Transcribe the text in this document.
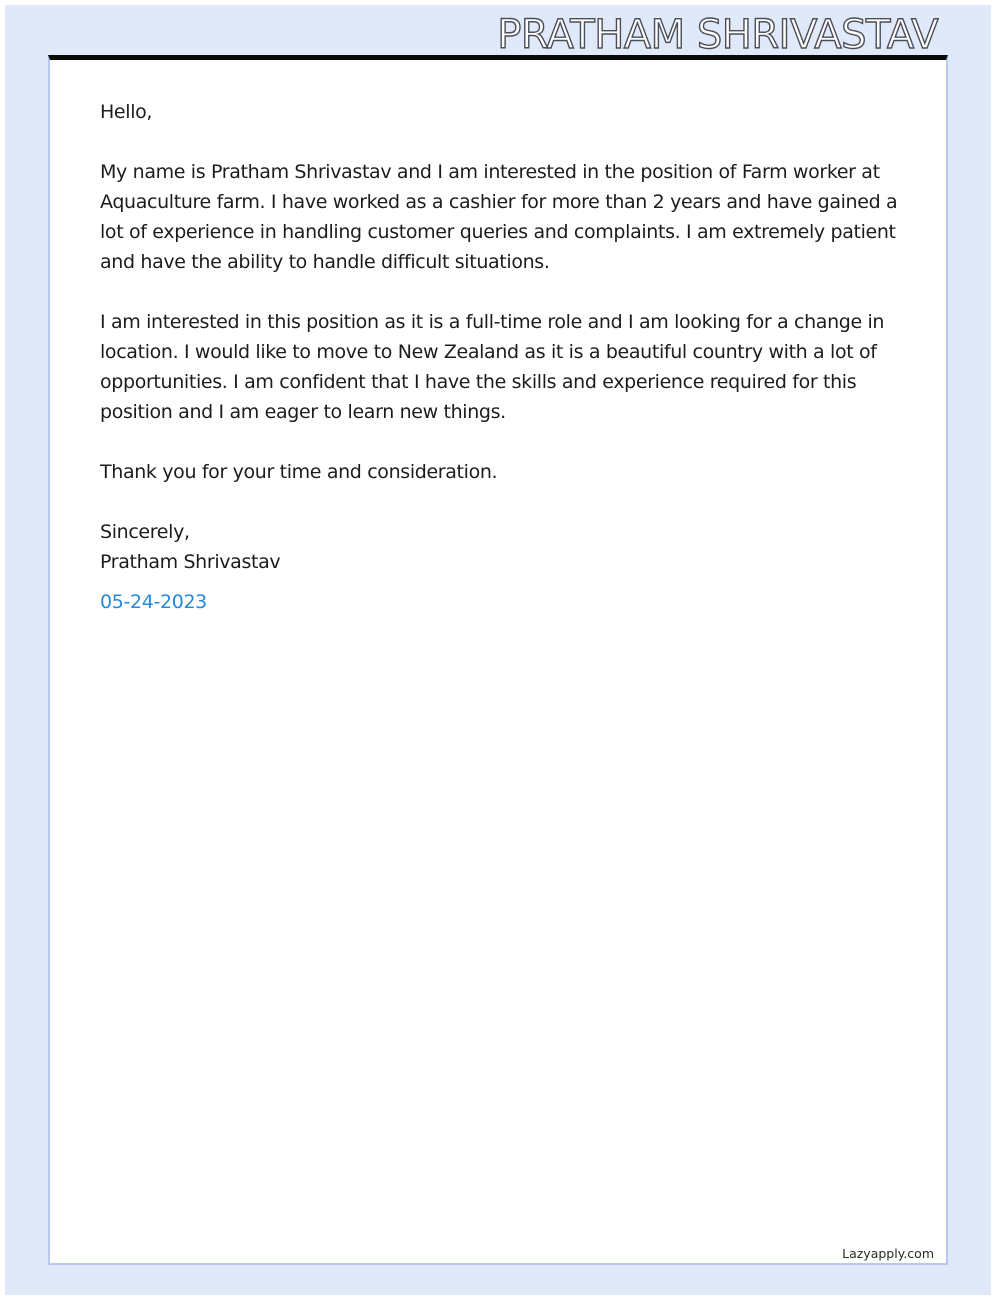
PRATHAM SHRIVASTAV

Hello,

My name is Pratham Shrivastav and I am interested in the position of Farm worker at Aquaculture farm. I have worked as a cashier for more than 2 years and have gained a lot of experience in handling customer queries and complaints. I am extremely patient and have the ability to handle difficult situations.

I am interested in this position as it is a full-time role and I am looking for a change in location. I would like to move to New Zealand as it is a beautiful country with a lot of opportunities. I am confident that I have the skills and experience required for this position and I am eager to learn new things.

Thank you for your time and consideration.

Sincerely,
Pratham Shrivastav
05-24-2023
Lazyapply.com
